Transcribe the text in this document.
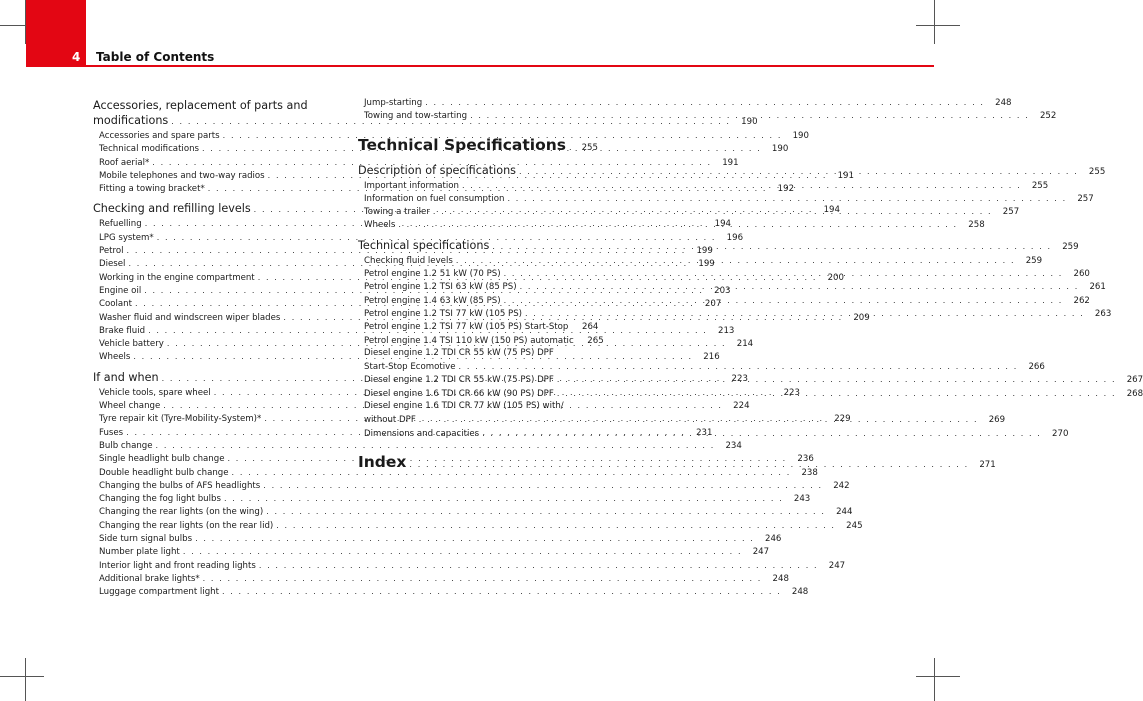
4 Table of Contents
Accessories, replacement of parts and
modifications . . .	190
Accessories and spare parts . . .	190
Technical modifications . . .	190
Roof aerial* . . .	191
Mobile telephones and two-way radios . . .	191
Fitting a towing bracket* . . .	192
Checking and refilling levels . . .	194
Refuelling . . .	194
LPG system* . . .	196
Petrol . . .	199
Diesel . . .	199
Working in the engine compartment . . .	200
Engine oil . . .	203
Coolant . . .	207
Washer fluid and windscreen wiper blades . . .	209
Brake fluid . . .	213
Vehicle battery . . .	214
Wheels . . .	216
If and when . . .	223
Vehicle tools, spare wheel . . .	223
Wheel change . . .	224
Tyre repair kit (Tyre-Mobility-System)* . . .	229
Fuses . . .	231
Bulb change . . .	234
Single headlight bulb change . . .	236
Double headlight bulb change . . .	238
Changing the bulbs of AFS headlights . . .	242
Changing the fog light bulbs . . .	243
Changing the rear lights (on the wing) . . .	244
Changing the rear lights (on the rear lid) . . .	245
Side turn signal bulbs . . .	246
Number plate light . . .	247
Interior light and front reading lights . . .	247
Additional brake lights* . . .	248
Luggage compartment light . . .	248
Jump-starting . . .	248
Towing and tow-starting . . .	252
Technical Specifications . . .	255
Description of specifications . . .	255
Important information . . .	255
Information on fuel consumption . . .	257
Towing a trailer . . .	257
Wheels . . .	258
Technical specifications . . .	259
Checking fluid levels . . .	259
Petrol engine 1.2 51 kW (70 PS) . . .	260
Petrol engine 1.2 TSI 63 kW (85 PS) . . .	261
Petrol engine 1.4 63 kW (85 PS) . . .	262
Petrol engine 1.2 TSI 77 kW (105 PS) . . .	263
Petrol engine 1.2 TSI 77 kW (105 PS) Start-Stop	264
Petrol engine 1.4 TSI 110 kW (150 PS) automatic	265
Diesel engine 1.2 TDI CR 55 kW (75 PS) DPF
Start-Stop Ecomotive . . .	266
Diesel engine 1.2 TDI CR 55 kW (75 PS) DPF . . .	267
Diesel engine 1.6 TDI CR 66 kW (90 PS) DPF . . .	268
Diesel engine 1.6 TDI CR 77 kW (105 PS) with/
without DPF . . .	269
Dimensions and capacities . . .	270
Index . . .	271
